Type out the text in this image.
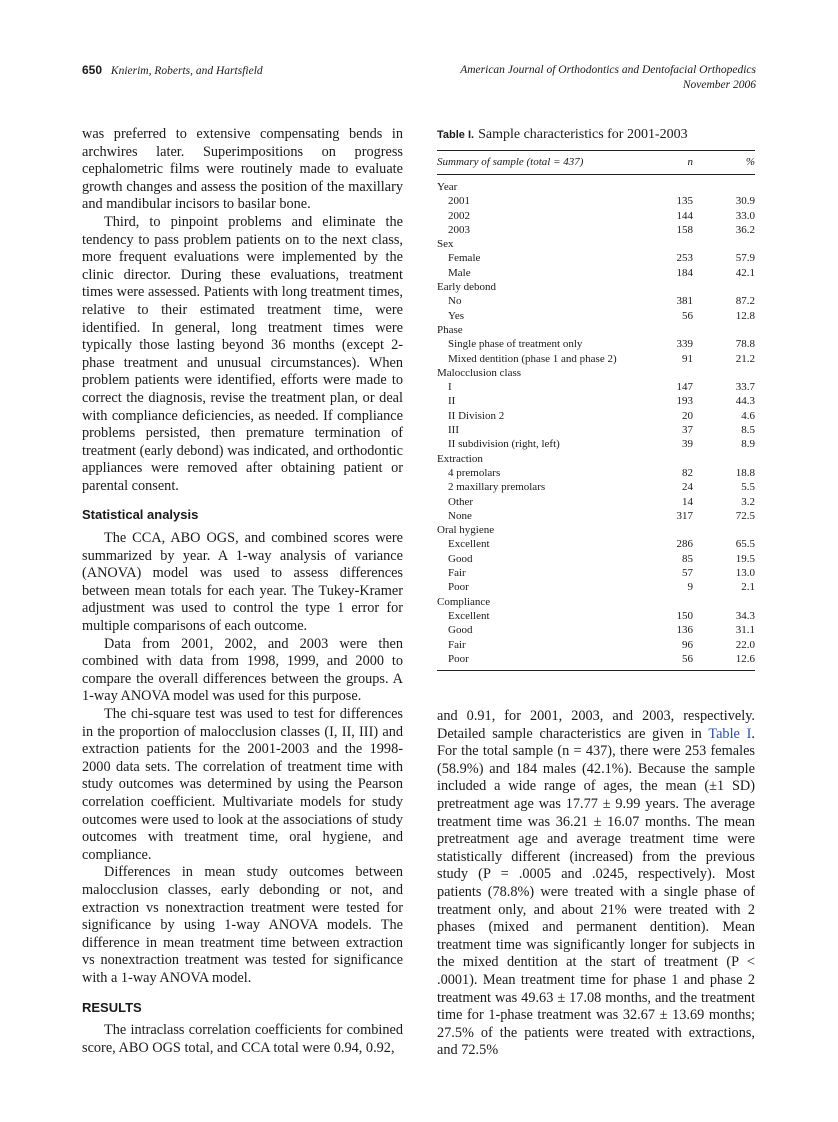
650 Knierim, Roberts, and Hartsfield	American Journal of Orthodontics and Dentofacial Orthopedics
November 2006

was preferred to extensive compensating bends in archwires later. Superimpositions on progress cephalometric films were routinely made to evaluate growth changes and assess the position of the maxillary and mandibular incisors to basilar bone.

Third, to pinpoint problems and eliminate the tendency to pass problem patients on to the next class, more frequent evaluations were implemented by the clinic director. During these evaluations, treatment times were assessed. Patients with long treatment times, relative to their estimated treatment time, were identified. In general, long treatment times were typically those lasting beyond 36 months (except 2-phase treatment and unusual circumstances). When problem patients were identified, efforts were made to correct the diagnosis, revise the treatment plan, or deal with compliance deficiencies, as needed. If compliance problems persisted, then premature termination of treatment (early debond) was indicated, and orthodontic appliances were removed after obtaining patient or parental consent.

Statistical analysis

The CCA, ABO OGS, and combined scores were summarized by year. A 1-way analysis of variance (ANOVA) model was used to assess differences between mean totals for each year. The Tukey-Kramer adjustment was used to control the type 1 error for multiple comparisons of each outcome.

Data from 2001, 2002, and 2003 were then combined with data from 1998, 1999, and 2000 to compare the overall differences between the groups. A 1-way ANOVA model was used for this purpose.

The chi-square test was used to test for differences in the proportion of malocclusion classes (I, II, III) and extraction patients for the 2001-2003 and the 1998-2000 data sets. The correlation of treatment time with study outcomes was determined by using the Pearson correlation coefficient. Multivariate models for study outcomes were used to look at the associations of study outcomes with treatment time, oral hygiene, and compliance.

Differences in mean study outcomes between malocclusion classes, early debonding or not, and extraction vs nonextraction treatment were tested for significance by using 1-way ANOVA models. The difference in mean treatment time between extraction vs nonextraction treatment was tested for significance with a 1-way ANOVA model.

RESULTS

The intraclass correlation coefficients for combined score, ABO OGS total, and CCA total were 0.94, 0.92,

Table I. Sample characteristics for 2001-2003
Summary of sample (total = 437)	n	%
Year		
2001	135	30.9
2002	144	33.0
2003	158	36.2
Sex		
Female	253	57.9
Male	184	42.1
Early debond		
No	381	87.2
Yes	56	12.8
Phase		
Single phase of treatment only	339	78.8
Mixed dentition (phase 1 and phase 2)	91	21.2
Malocclusion class		
I	147	33.7
II	193	44.3
II Division 2	20	4.6
III	37	8.5
II subdivision (right, left)	39	8.9
Extraction		
4 premolars	82	18.8
2 maxillary premolars	24	5.5
Other	14	3.2
None	317	72.5
Oral hygiene		
Excellent	286	65.5
Good	85	19.5
Fair	57	13.0
Poor	9	2.1
Compliance		
Excellent	150	34.3
Good	136	31.1
Fair	96	22.0
Poor	56	12.6

and 0.91, for 2001, 2003, and 2003, respectively. Detailed sample characteristics are given in Table I. For the total sample (n = 437), there were 253 females (58.9%) and 184 males (42.1%). Because the sample included a wide range of ages, the mean (±1 SD) pretreatment age was 17.77 ± 9.99 years. The average treatment time was 36.21 ± 16.07 months. The mean pretreatment age and average treatment time were statistically different (increased) from the previous study (P = .0005 and .0245, respectively). Most patients (78.8%) were treated with a single phase of treatment only, and about 21% were treated with 2 phases (mixed and permanent dentition). Mean treatment time was significantly longer for subjects in the mixed dentition at the start of treatment (P < .0001). Mean treatment time for phase 1 and phase 2 treatment was 49.63 ± 17.08 months, and the treatment time for 1-phase treatment was 32.67 ± 13.69 months; 27.5% of the patients were treated with extractions, and 72.5%
